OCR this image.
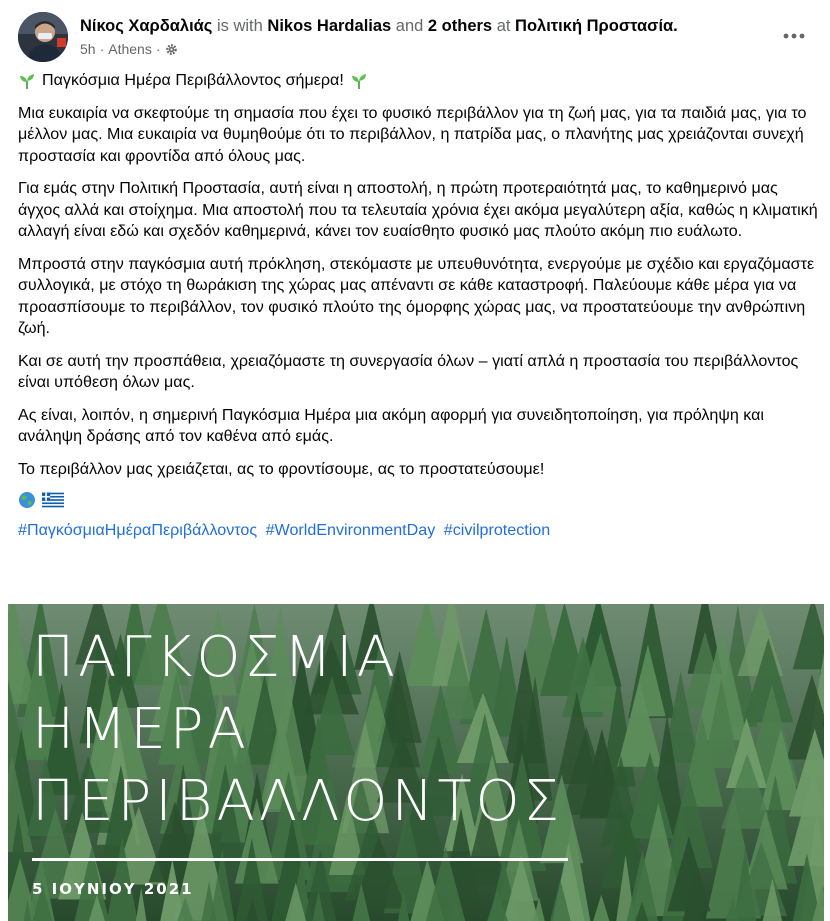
Νίκος Χαρδαλιάς is with Nikos Hardalias and 2 others at Πολιτική Προστασία.
5h · Athens ·

Παγκόσμια Ημέρα Περιβάλλοντος σήμερα!

Μια ευκαιρία να σκεφτούμε τη σημασία που έχει το φυσικό περιβάλλον για τη ζωή μας, για τα παιδιά μας, για το μέλλον μας. Μια ευκαιρία να θυμηθούμε ότι το περιβάλλον, η πατρίδα μας, ο πλανήτης μας χρειάζονται συνεχή προστασία και φροντίδα από όλους μας.

Για εμάς στην Πολιτική Προστασία, αυτή είναι η αποστολή, η πρώτη προτεραιότητά μας, το καθημερινό μας άγχος αλλά και στοίχημα. Μια αποστολή που τα τελευταία χρόνια έχει ακόμα μεγαλύτερη αξία, καθώς η κλιματική αλλαγή είναι εδώ και σχεδόν καθημερινά, κάνει τον ευαίσθητο φυσικό μας πλούτο ακόμη πιο ευάλωτο.

Μπροστά στην παγκόσμια αυτή πρόκληση, στεκόμαστε με υπευθυνότητα, ενεργούμε με σχέδιο και εργαζόμαστε συλλογικά, με στόχο τη θωράκιση της χώρας μας απέναντι σε κάθε καταστροφή. Παλεύουμε κάθε μέρα για να προασπίσουμε το περιβάλλον, τον φυσικό πλούτο της όμορφης χώρας μας, να προστατεύουμε την ανθρώπινη ζωή.

Και σε αυτή την προσπάθεια, χρειαζόμαστε τη συνεργασία όλων – γιατί απλά η προστασία του περιβάλλοντος είναι υπόθεση όλων μας.

Ας είναι, λοιπόν, η σημερινή Παγκόσμια Ημέρα μια ακόμη αφορμή για συνειδητοποίηση, για πρόληψη και ανάληψη δράσης από τον καθένα από εμάς.

Το περιβάλλον μας χρειάζεται, ας το φροντίσουμε, ας το προστατεύσουμε!

#ΠαγκόσμιαΗμέραΠεριβάλλοντος #WorldEnvironmentDay #civilprotection

ΠΑΓΚΟΣΜΙΑ
ΗΜΕΡΑ
ΠΕΡΙΒΑΛΛΟΝΤΟΣ
5 ΙΟΥΝΙΟΥ 2021
